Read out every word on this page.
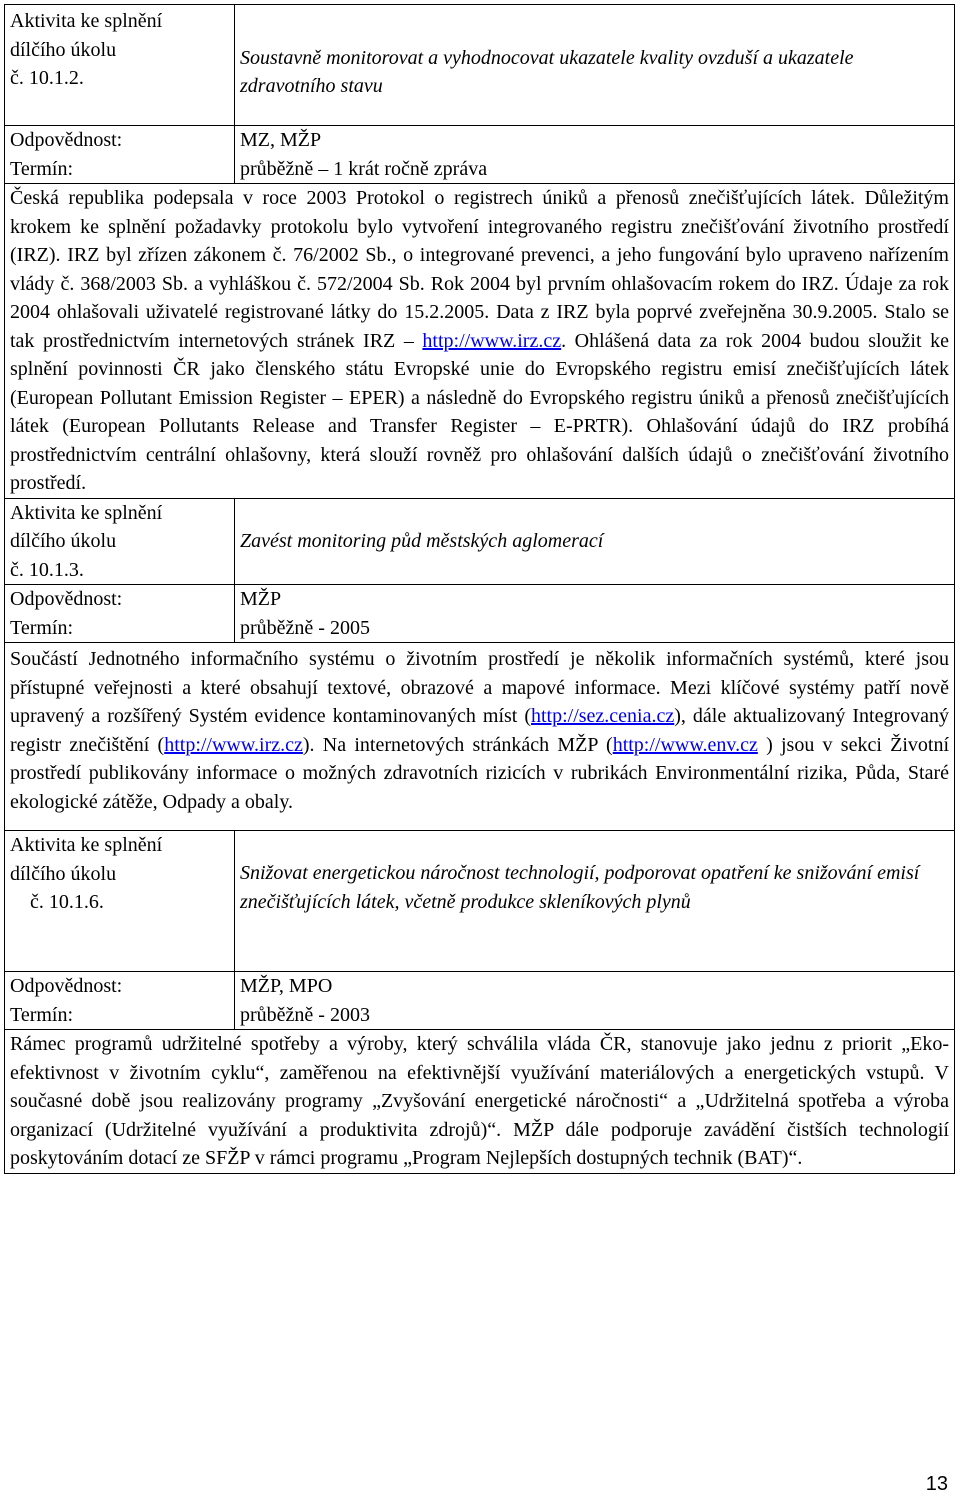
Aktivita ke splnění
dílčího úkolu
č. 10.1.2.	Soustavně monitorovat a vyhodnocovat ukazatele kvality ovzduší a ukazatele zdravotního stavu
Odpovědnost:	MZ, MŽP
Termín:	průběžně – 1 krát ročně zpráva
Česká republika podepsala v roce 2003 Protokol o registrech úniků a přenosů znečišťujících látek. Důležitým krokem ke splnění požadavky protokolu bylo vytvoření integrovaného registru znečišťování životního prostředí (IRZ). IRZ byl zřízen zákonem č. 76/2002 Sb., o integrované prevenci, a jeho fungování bylo upraveno nařízením vlády č. 368/2003 Sb. a vyhláškou č. 572/2004 Sb. Rok 2004 byl prvním ohlašovacím rokem do IRZ. Údaje za rok 2004 ohlašovali uživatelé registrované látky do 15.2.2005. Data z IRZ byla poprvé zveřejněna 30.9.2005. Stalo se tak prostřednictvím internetových stránek IRZ – http://www.irz.cz. Ohlášená data za rok 2004 budou sloužit ke splnění povinnosti ČR jako členského státu Evropské unie do Evropského registru emisí znečišťujících látek (European Pollutant Emission Register – EPER) a následně do Evropského registru úniků a přenosů znečišťujících látek (European Pollutants Release and Transfer Register – E-PRTR). Ohlašování údajů do IRZ probíhá prostřednictvím centrální ohlašovny, která slouží rovněž pro ohlašování dalších údajů o znečišťování životního prostředí.	

Aktivita ke splnění
dílčího úkolu
č. 10.1.3.	Zavést monitoring půd městských aglomerací
Odpovědnost:	MŽP
Termín:	průběžně - 2005
Součástí Jednotného informačního systému o životním prostředí je několik informačních systémů, které jsou přístupné veřejnosti a které obsahují textové, obrazové a mapové informace. Mezi klíčové systémy patří nově upravený a rozšířený Systém evidence kontaminovaných míst (http://sez.cenia.cz), dále aktualizovaný Integrovaný registr znečištění (http://www.irz.cz). Na internetových stránkách MŽP (http://www.env.cz ) jsou v sekci Životní prostředí publikovány informace o možných zdravotních rizicích v rubrikách Environmentální rizika, Půda, Staré ekologické zátěže, Odpady a obaly.	

Aktivita ke splnění
dílčího úkolu
č. 10.1.6.	Snižovat energetickou náročnost technologií, podporovat opatření ke snižování emisí znečišťujících látek, včetně produkce skleníkových plynů
Odpovědnost:	MŽP, MPO
Termín:	průběžně - 2003
Rámec programů udržitelné spotřeby a výroby, který schválila vláda ČR, stanovuje jako jednu z priorit „Eko-efektivnost v životním cyklu“, zaměřenou na efektivnější využívání materiálových a energetických vstupů. V současné době jsou realizovány programy „Zvyšování energetické náročnosti“ a „Udržitelná spotřeba a výroba organizací (Udržitelné využívání a produktivita zdrojů)“. MŽP dále podporuje zavádění čistších technologií poskytováním dotací ze SFŽP v rámci programu „Program Nejlepších dostupných technik (BAT)“.	
13
